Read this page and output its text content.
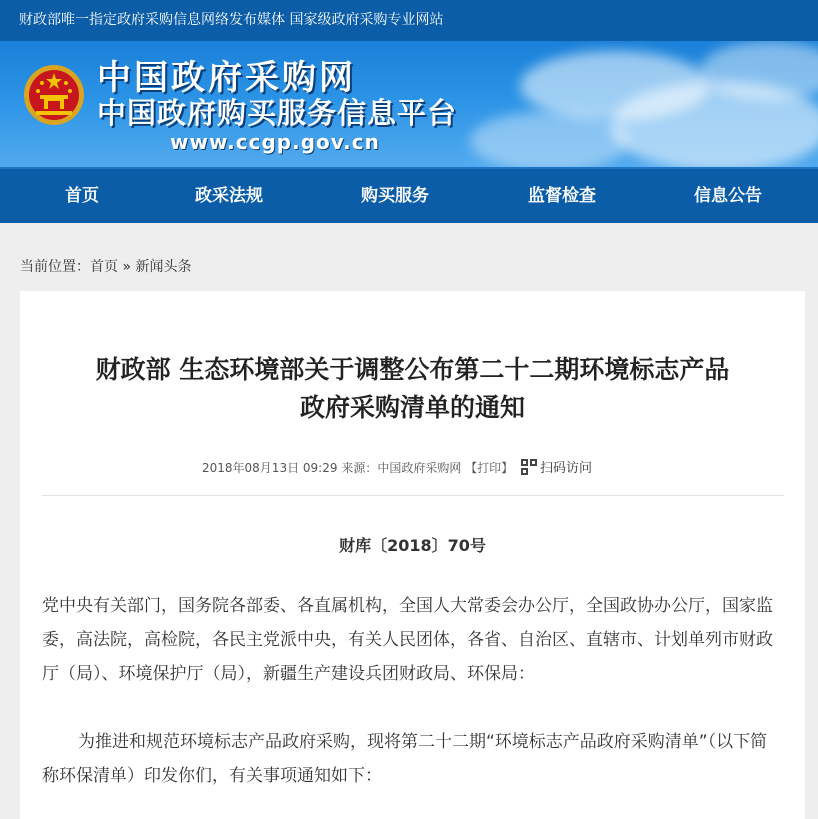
财政部唯一指定政府采购信息网络发布媒体 国家级政府采购专业网站
中国政府采购网
中国政府购买服务信息平台
www.ccgp.gov.cn
首页	政采法规	购买服务	监督检查	信息公告
当前位置：首页 » 新闻头条
财政部 生态环境部关于调整公布第二十二期环境标志产品
政府采购清单的通知
2018年08月13日 09:29 来源：中国政府采购网 【打印】 扫码访问
财库〔2018〕70号
党中央有关部门，国务院各部委、各直属机构，全国人大常委会办公厅，全国政协办公厅，国家监委，高法院，高检院，各民主党派中央，有关人民团体，各省、自治区、直辖市、计划单列市财政厅（局）、环境保护厅（局），新疆生产建设兵团财政局、环保局：
为推进和规范环境标志产品政府采购，现将第二十二期“环境标志产品政府采购清单”（以下简称环保清单）印发你们，有关事项通知如下：
